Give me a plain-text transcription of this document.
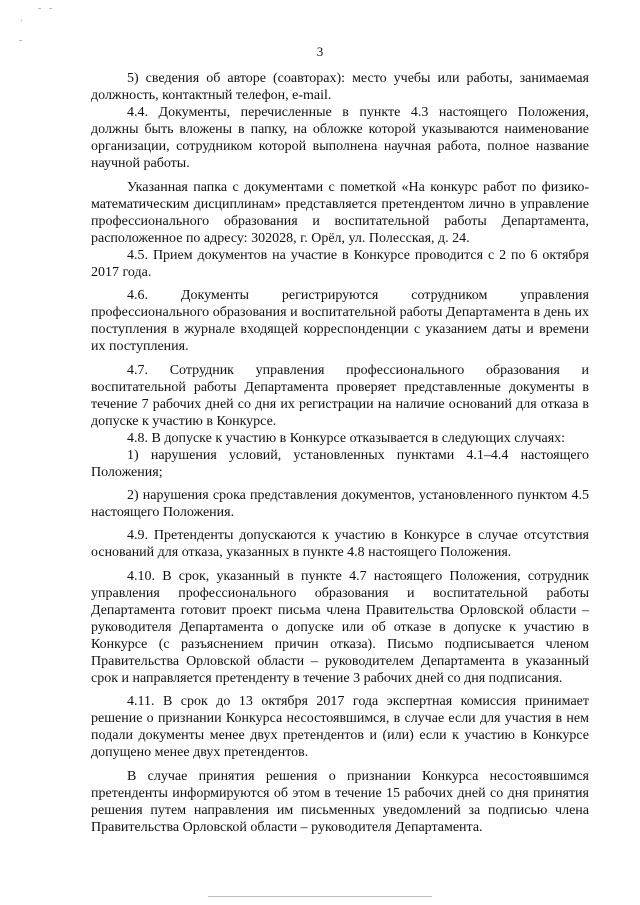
- -
.
-
3

5) сведения об авторе (соавторах): место учебы или работы, занимаемая должность, контактный телефон, e-mail.

4.4. Документы, перечисленные в пункте 4.3 настоящего Положения, должны быть вложены в папку, на обложке которой указываются наименование организации, сотрудником которой выполнена научная работа, полное название научной работы.

Указанная папка с документами с пометкой «На конкурс работ по физико-математическим дисциплинам» представляется претендентом лично в управление профессионального образования и воспитательной работы Департамента, расположенное по адресу: 302028, г. Орёл, ул. Полесская, д. 24.

4.5. Прием документов на участие в Конкурсе проводится с 2 по 6 октября 2017 года.

4.6. Документы регистрируются сотрудником управления профессионального образования и воспитательной работы Департамента в день их поступления в журнале входящей корреспонденции с указанием даты и времени их поступления.

4.7. Сотрудник управления профессионального образования и воспитательной работы Департамента проверяет представленные документы в течение 7 рабочих дней со дня их регистрации на наличие оснований для отказа в допуске к участию в Конкурсе.

4.8. В допуске к участию в Конкурсе отказывается в следующих случаях:

1) нарушения условий, установленных пунктами 4.1–4.4 настоящего Положения;

2) нарушения срока представления документов, установленного пунктом 4.5 настоящего Положения.

4.9. Претенденты допускаются к участию в Конкурсе в случае отсутствия оснований для отказа, указанных в пункте 4.8 настоящего Положения.

4.10. В срок, указанный в пункте 4.7 настоящего Положения, сотрудник управления профессионального образования и воспитательной работы Департамента готовит проект письма члена Правительства Орловской области – руководителя Департамента о допуске или об отказе в допуске к участию в Конкурсе (с разъяснением причин отказа). Письмо подписывается членом Правительства Орловской области – руководителем Департамента в указанный срок и направляется претенденту в течение 3 рабочих дней со дня подписания.

4.11. В срок до 13 октября 2017 года экспертная комиссия принимает решение о признании Конкурса несостоявшимся, в случае если для участия в нем подали документы менее двух претендентов и (или) если к участию в Конкурсе допущено менее двух претендентов.

В случае принятия решения о признании Конкурса несостоявшимся претенденты информируются об этом в течение 15 рабочих дней со дня принятия решения путем направления им письменных уведомлений за подписью члена Правительства Орловской области – руководителя Департамента.
